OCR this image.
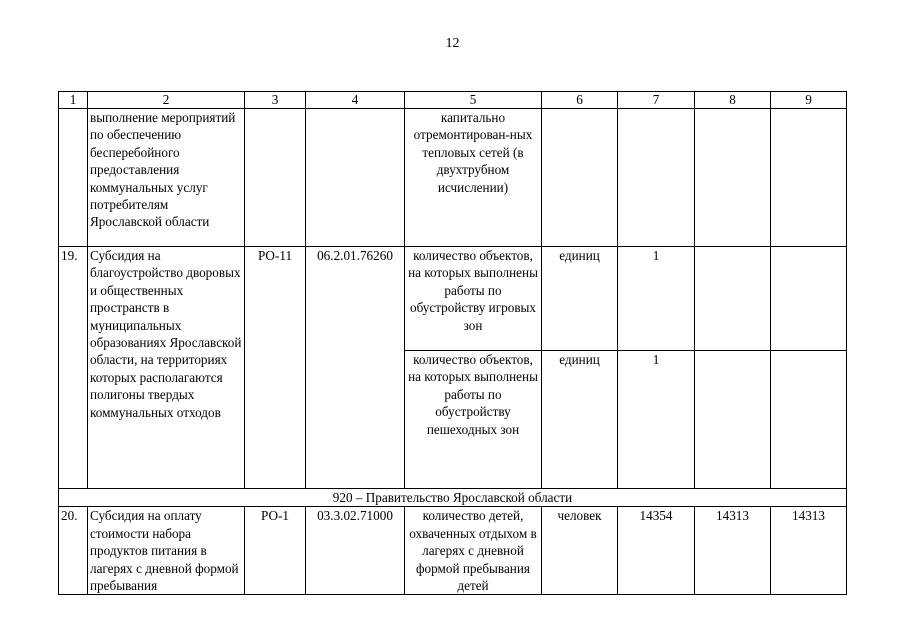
12
1	2	3	4	5	6	7	8	9
	выполнение мероприятий по обеспечению бесперебойного предоставления коммунальных услуг потребителям Ярославской области			капитально отремонтирован-ных тепловых сетей (в двухтрубном исчислении)				
19.	Субсидия на благоустройство дворовых и общественных пространств в муниципальных образованиях Ярославской области, на территориях которых располагаются полигоны твердых коммунальных отходов	РО-11	06.2.01.76260	количество объектов, на которых выполнены работы по обустройству игровых зон	единиц	1		
				количество объектов, на которых выполнены работы по обустройству пешеходных зон	единиц	1		
920 – Правительство Ярославской области								
20.	Субсидия на оплату стоимости набора продуктов питания в лагерях с дневной формой пребывания	РО-1	03.3.02.71000	количество детей, охваченных отдыхом в лагерях с дневной формой пребывания детей	человек	14354	14313	14313
